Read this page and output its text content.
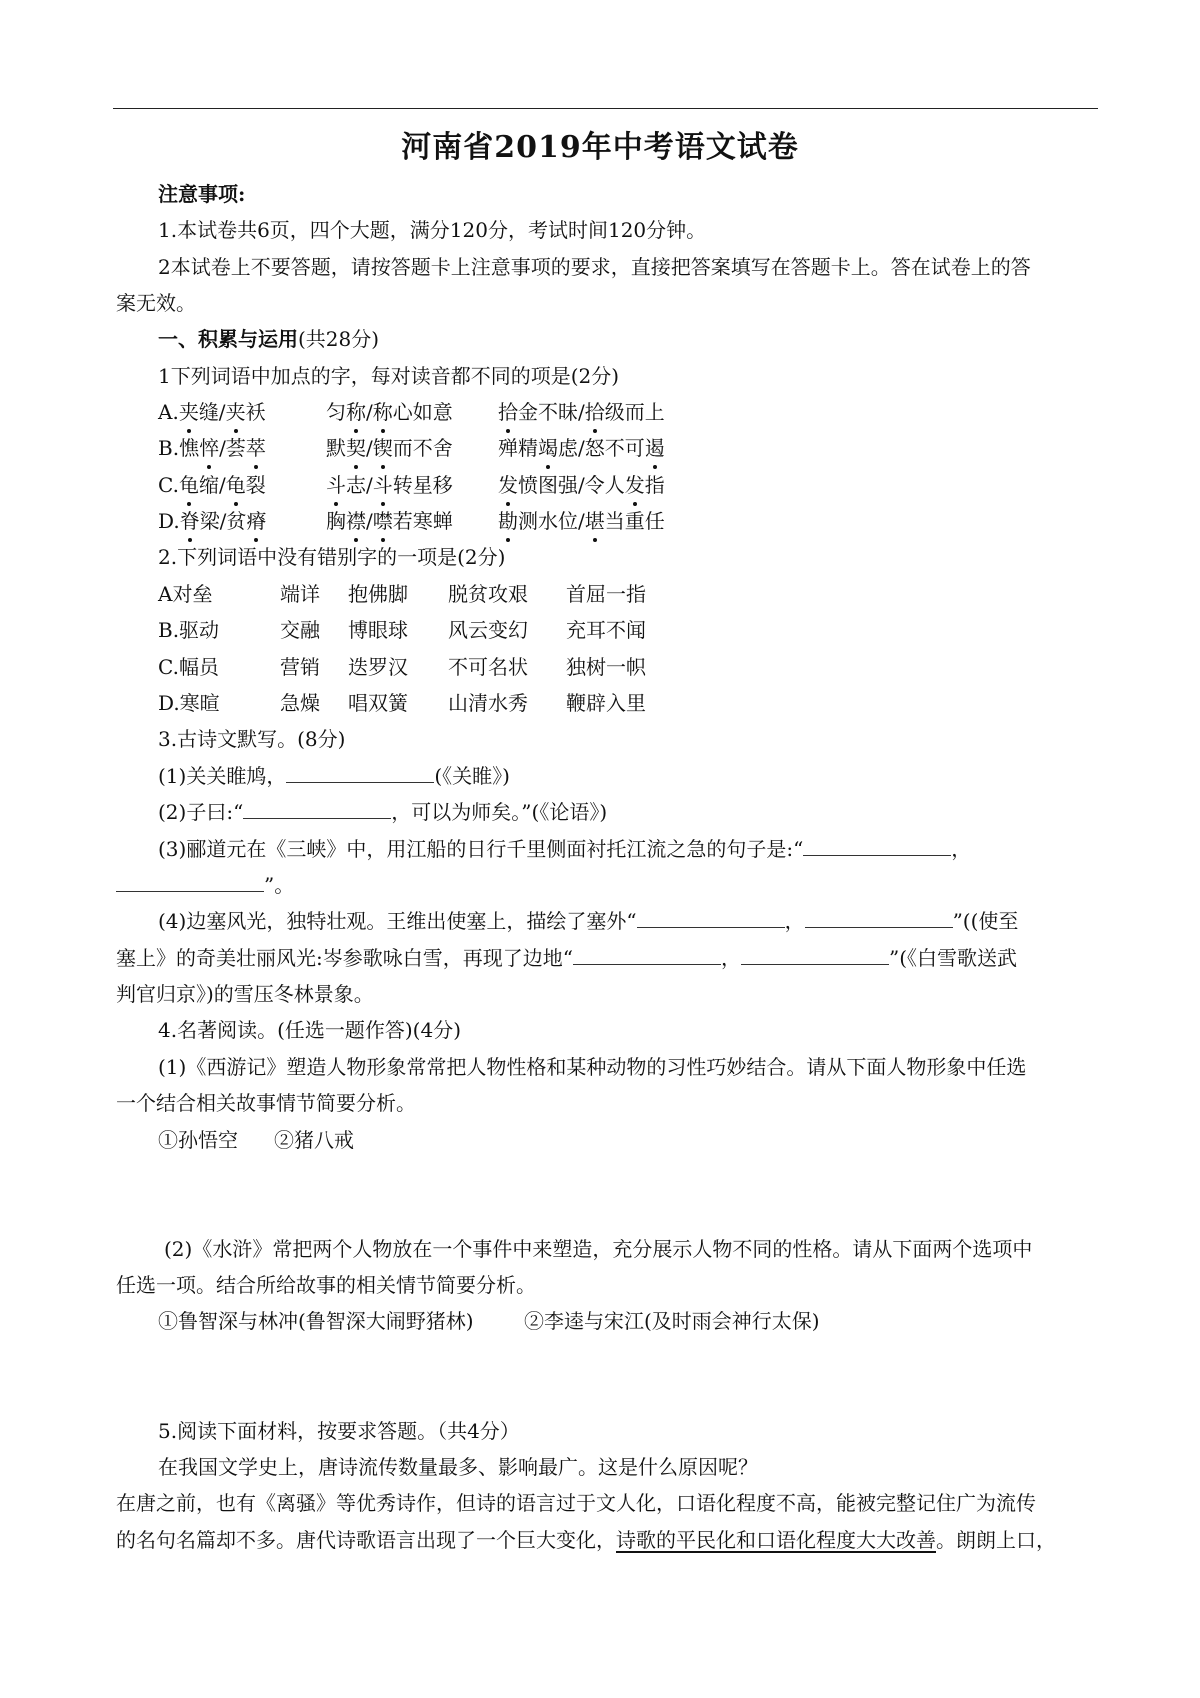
河南省2019年中考语文试卷
注意事项:
1.本试卷共6页，四个大题，满分120分，考试时间120分钟。
2本试卷上不要答题，请按答题卡上注意事项的要求，直接把答案填写在答题卡上。答在试卷上的答
案无效。
一、积累与运用(共28分)
1下列词语中加点的字，每对读音都不同的项是(2分)
A.夹缝/夹袄	匀称/称心如意 拾金不昧/拾级而上
B.憔悴/荟萃	默契/锲而不舍 殚精竭虑/怒不可遏
C.龟缩/龟裂	斗志/斗转星移 发愤图强/令人发指
D.脊梁/贫瘠	胸襟/噤若寒蝉 勘测水位/堪当重任
2.下列词语中没有错别字的一项是(2分)
A对垒	端详 抱佛脚 脱贫攻艰 首屈一指
B.驱动	交融 博眼球 风云变幻 充耳不闻
C.幅员	营销 迭罗汉 不可名状 独树一帜
D.寒暄	急燥 唱双簧 山清水秀 鞭辟入里
3.古诗文默写。(8分)
(1)关关睢鸠，	(《关睢》)
(2)子曰:“	，可以为师矣。”(《论语》)
(3)郦道元在《三峡》中，用江船的日行千里侧面衬托江流之急的句子是:“	，
”。
(4)边塞风光，独特壮观。王维出使塞上，描绘了塞外“	，	”((使至
塞上》的奇美壮丽风光:岑参歌咏白雪，再现了边地“	，	”(《白雪歌送武
判官归京》)的雪压冬林景象。
4.名著阅读。(任选一题作答)(4分)
(1)《西游记》塑造人物形象常常把人物性格和某种动物的习性巧妙结合。请从下面人物形象中任选
一个结合相关故事情节简要分析。
①孙悟空 ②猪八戒
(2)《水浒》常把两个人物放在一个事件中来塑造，充分展示人物不同的性格。请从下面两个选项中
任选一项。结合所给故事的相关情节简要分析。
①鲁智深与林冲(鲁智深大闹野猪林)	②李逵与宋江(及时雨会神行太保)
5.阅读下面材料，按要求答题。（共4分）
在我国文学史上，唐诗流传数量最多、影响最广。这是什么原因呢？
在唐之前，也有《离骚》等优秀诗作，但诗的语言过于文人化，口语化程度不高，能被完整记住广为流传
的名句名篇却不多。唐代诗歌语言出现了一个巨大变化，诗歌的平民化和口语化程度大大改善。朗朗上口，
